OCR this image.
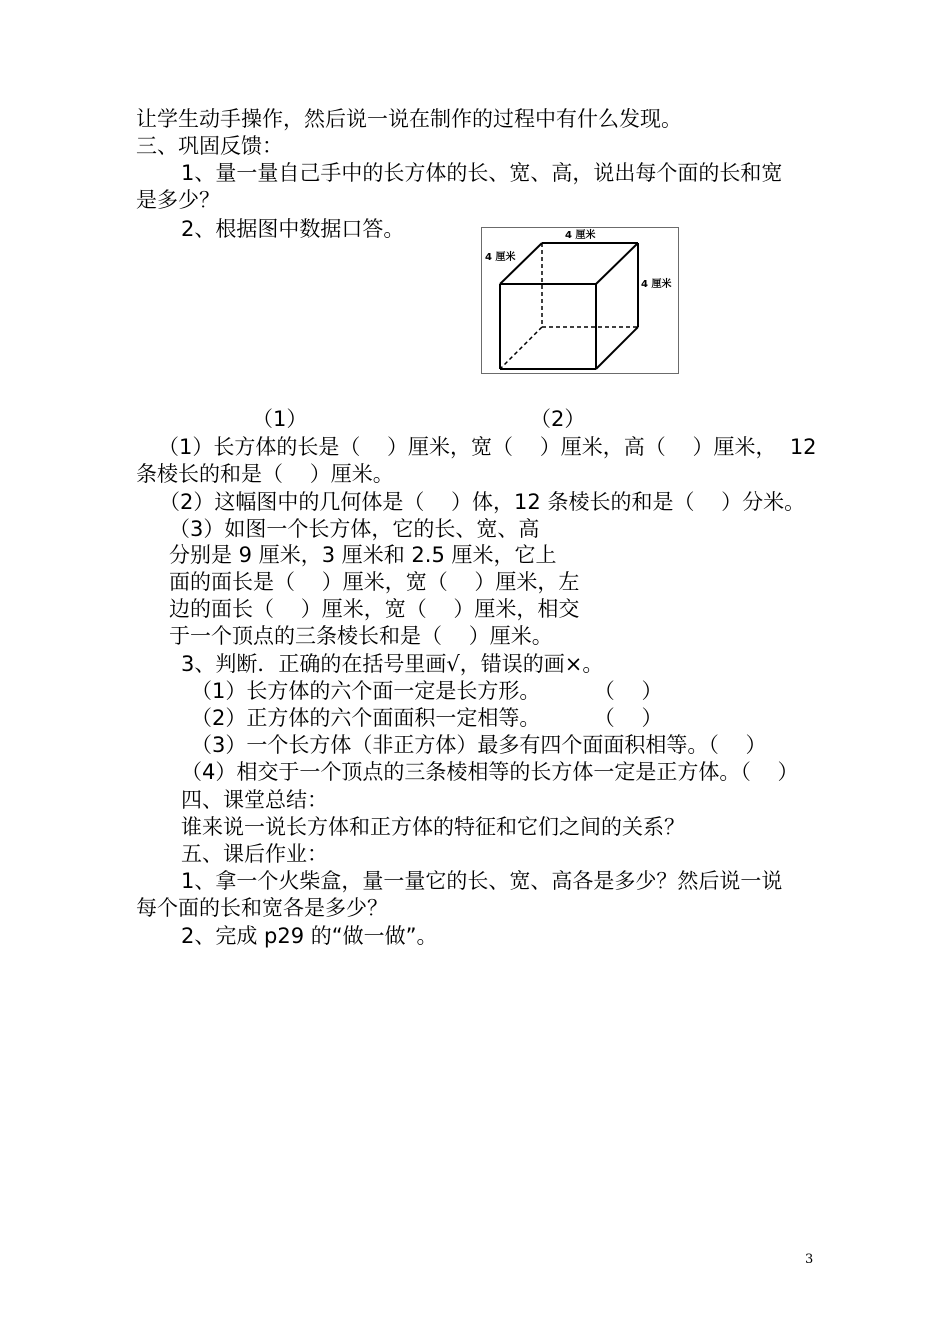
让学生动手操作，然后说一说在制作的过程中有什么发现。
三、巩固反馈：
1、量一量自己手中的长方体的长、宽、高，说出每个面的长和宽
是多少？
2、根据图中数据口答。	4 厘米
4 厘米
4 厘米
（1）	（2）
（1）长方体的长是（    ）厘米，宽（    ）厘米，高（    ）厘米，  12
条棱长的和是（    ）厘米。
（2）这幅图中的几何体是（    ）体，12 条棱长的和是（    ）分米。
（3）如图一个长方体，它的长、宽、高
分别是 9 厘米，3 厘米和 2.5 厘米，它上
面的面长是（    ）厘米，宽（    ）厘米，左
边的面长（    ）厘米，宽（    ）厘米，相交
于一个顶点的三条棱长和是（    ）厘米。
3、判断．正确的在括号里画√，错误的画×。
（1）长方体的六个面一定是长方形。        （    ）
（2）正方体的六个面面积一定相等。        （    ）
（3）一个长方体（非正方体）最多有四个面面积相等。（    ）
（4）相交于一个顶点的三条棱相等的长方体一定是正方体。（    ）
四、课堂总结：
谁来说一说长方体和正方体的特征和它们之间的关系？
五、课后作业：
1、拿一个火柴盒，量一量它的长、宽、高各是多少？然后说一说
每个面的长和宽各是多少？
2、完成 p29 的“做一做”。
3
